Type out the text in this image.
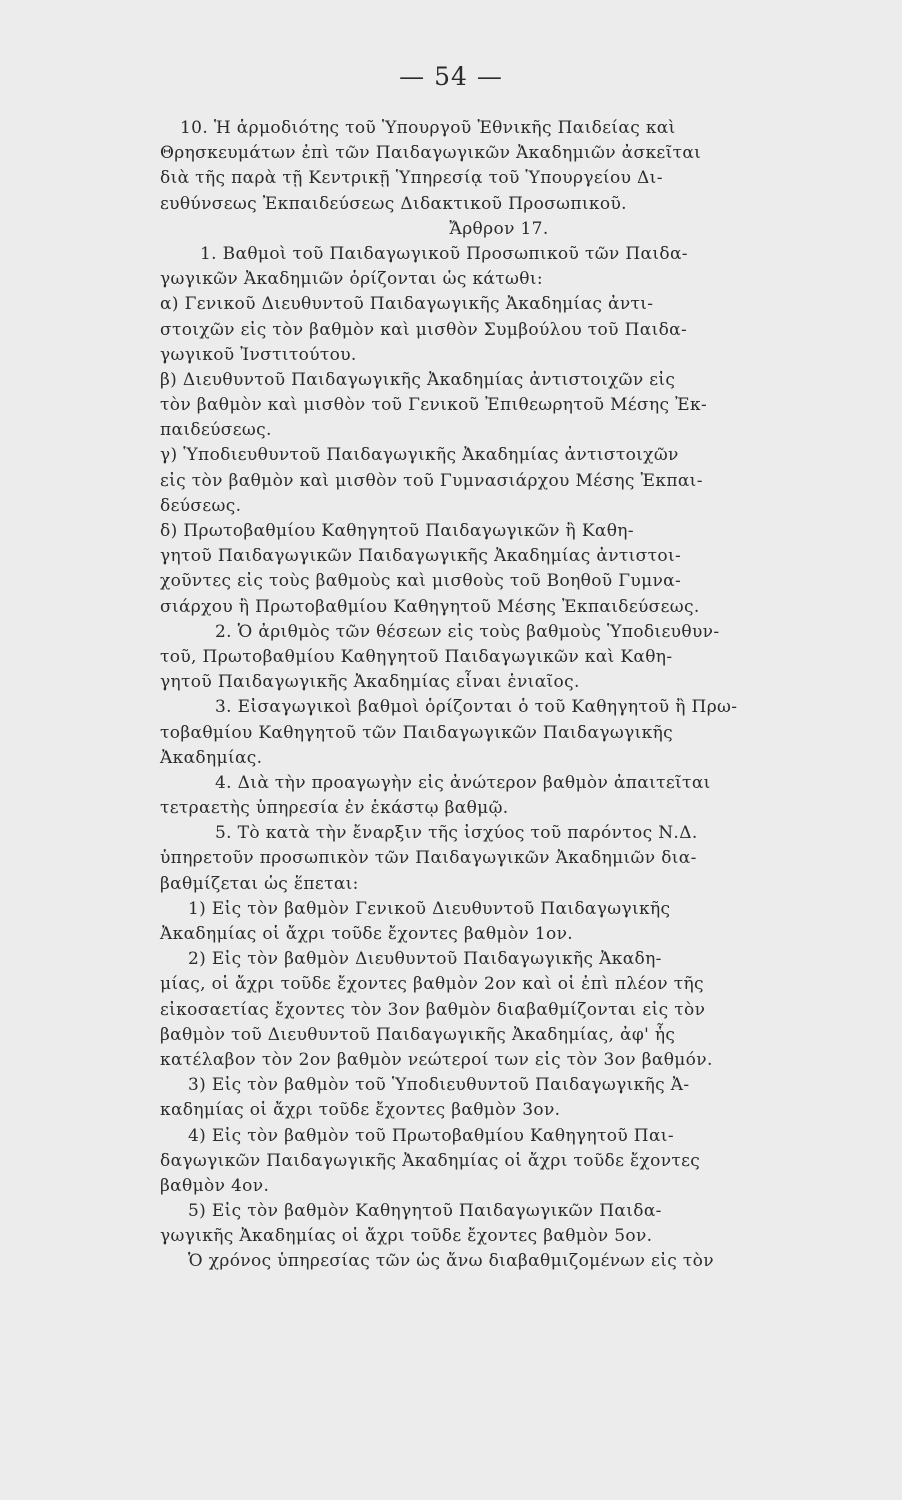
— 54 —
10. Ἡ ἁρμοδιότης τοῦ Ὑπουργοῦ Ἐθνικῆς Παιδείας καὶ
Θρησκευμάτων ἐπὶ τῶν Παιδαγωγικῶν Ἀκαδημιῶν ἀσκεῖται
διὰ τῆς παρὰ τῇ Κεντρικῇ Ὑπηρεσίᾳ τοῦ Ὑπουργείου Δι-
ευθύνσεως Ἐκπαιδεύσεως Διδακτικοῦ Προσωπικοῦ.
Ἄρθρον 17.
1. Βαθμοὶ τοῦ Παιδαγωγικοῦ Προσωπικοῦ τῶν Παιδα-
γωγικῶν Ἀκαδημιῶν ὁρίζονται ὡς κάτωθι:
α) Γενικοῦ Διευθυντοῦ Παιδαγωγικῆς Ἀκαδημίας ἀντι-
στοιχῶν εἰς τὸν βαθμὸν καὶ μισθὸν Συμβούλου τοῦ Παιδα-
γωγικοῦ Ἰνστιτούτου.
β) Διευθυντοῦ Παιδαγωγικῆς Ἀκαδημίας ἀντιστοιχῶν εἰς
τὸν βαθμὸν καὶ μισθὸν τοῦ Γενικοῦ Ἐπιθεωρητοῦ Μέσης Ἐκ-
παιδεύσεως.
γ) Ὑποδιευθυντοῦ Παιδαγωγικῆς Ἀκαδημίας ἀντιστοιχῶν
εἰς τὸν βαθμὸν καὶ μισθὸν τοῦ Γυμνασιάρχου Μέσης Ἐκπαι-
δεύσεως.
δ) Πρωτοβαθμίου Καθηγητοῦ Παιδαγωγικῶν ἢ Καθη-
γητοῦ Παιδαγωγικῶν Παιδαγωγικῆς Ἀκαδημίας ἀντιστοι-
χοῦντες εἰς τοὺς βαθμοὺς καὶ μισθοὺς τοῦ Βοηθοῦ Γυμνα-
σιάρχου ἢ Πρωτοβαθμίου Καθηγητοῦ Μέσης Ἐκπαιδεύσεως.
2. Ὁ ἀριθμὸς τῶν θέσεων εἰς τοὺς βαθμοὺς Ὑποδιευθυν-
τοῦ, Πρωτοβαθμίου Καθηγητοῦ Παιδαγωγικῶν καὶ Καθη-
γητοῦ Παιδαγωγικῆς Ἀκαδημίας εἶναι ἑνιαῖος.
3. Εἰσαγωγικοὶ βαθμοὶ ὁρίζονται ὁ τοῦ Καθηγητοῦ ἢ Πρω-
τοβαθμίου Καθηγητοῦ τῶν Παιδαγωγικῶν Παιδαγωγικῆς
Ἀκαδημίας.
4. Διὰ τὴν προαγωγὴν εἰς ἀνώτερον βαθμὸν ἀπαιτεῖται
τετραετὴς ὑπηρεσία ἐν ἑκάστῳ βαθμῷ.
5. Τὸ κατὰ τὴν ἔναρξιν τῆς ἰσχύος τοῦ παρόντος Ν.Δ.
ὑπηρετοῦν προσωπικὸν τῶν Παιδαγωγικῶν Ἀκαδημιῶν δια-
βαθμίζεται ὡς ἕπεται:
1) Εἰς τὸν βαθμὸν Γενικοῦ Διευθυντοῦ Παιδαγωγικῆς
Ἀκαδημίας οἱ ἄχρι τοῦδε ἔχοντες βαθμὸν 1ον.
2) Εἰς τὸν βαθμὸν Διευθυντοῦ Παιδαγωγικῆς Ἀκαδη-
μίας, οἱ ἄχρι τοῦδε ἔχοντες βαθμὸν 2ον καὶ οἱ ἐπὶ πλέον τῆς
εἰκοσαετίας ἔχοντες τὸν 3ον βαθμὸν διαβαθμίζονται εἰς τὸν
βαθμὸν τοῦ Διευθυντοῦ Παιδαγωγικῆς Ἀκαδημίας, ἀφ' ἧς
κατέλαβον τὸν 2ον βαθμὸν νεώτεροί των εἰς τὸν 3ον βαθμόν.
3) Εἰς τὸν βαθμὸν τοῦ Ὑποδιευθυντοῦ Παιδαγωγικῆς Ἀ-
καδημίας οἱ ἄχρι τοῦδε ἔχοντες βαθμὸν 3ον.
4) Εἰς τὸν βαθμὸν τοῦ Πρωτοβαθμίου Καθηγητοῦ Παι-
δαγωγικῶν Παιδαγωγικῆς Ἀκαδημίας οἱ ἄχρι τοῦδε ἔχοντες
βαθμὸν 4ον.
5) Εἰς τὸν βαθμὸν Καθηγητοῦ Παιδαγωγικῶν Παιδα-
γωγικῆς Ἀκαδημίας οἱ ἄχρι τοῦδε ἔχοντες βαθμὸν 5ον.
Ὁ χρόνος ὑπηρεσίας τῶν ὡς ἄνω διαβαθμιζομένων εἰς τὸν
